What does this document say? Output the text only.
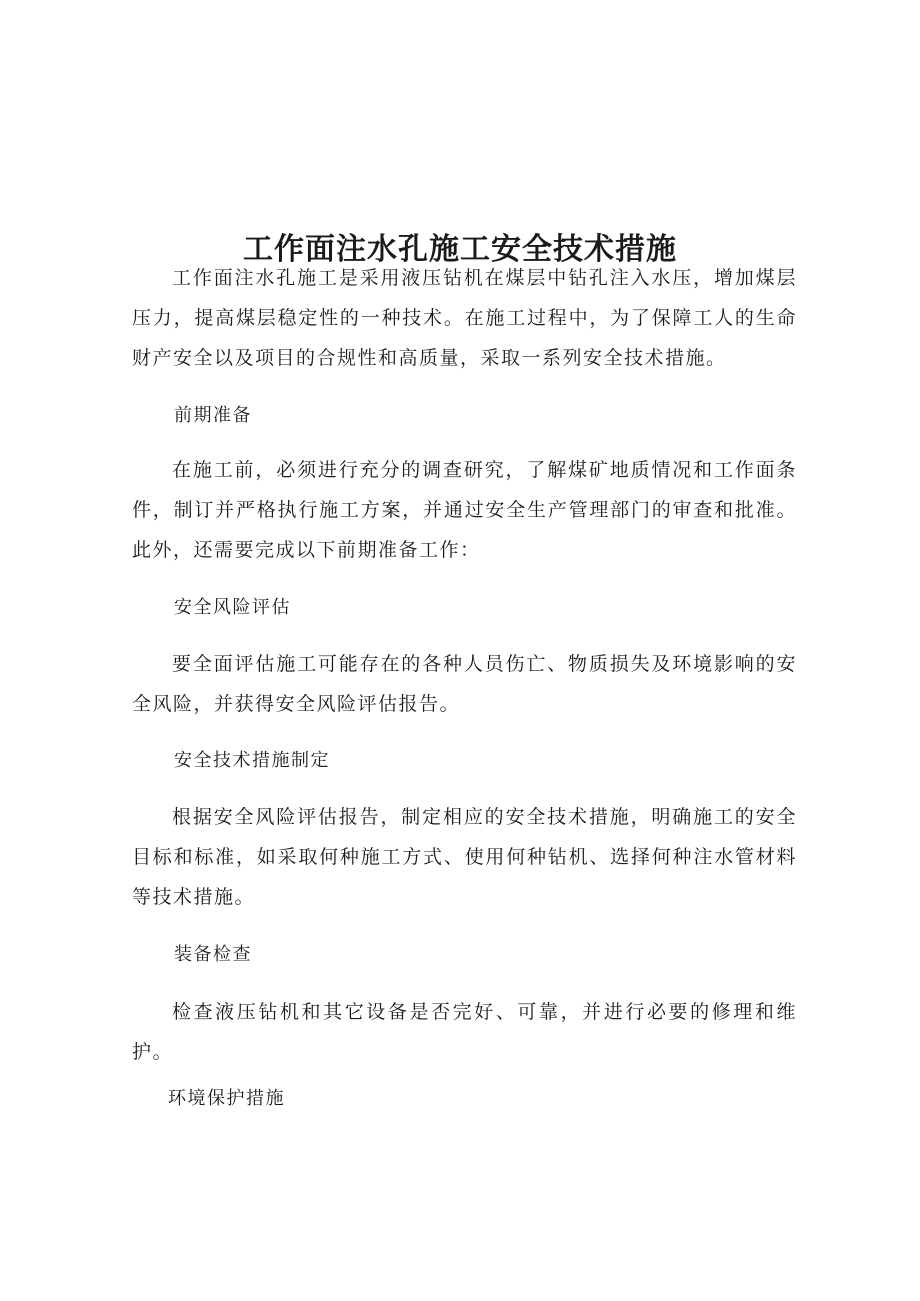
工作面注水孔施工安全技术措施

工作面注水孔施工是采用液压钻机在煤层中钻孔注入水压，增加煤层压力，提高煤层稳定性的一种技术。在施工过程中，为了保障工人的生命财产安全以及项目的合规性和高质量，采取一系列安全技术措施。

前期准备

在施工前，必须进行充分的调查研究，了解煤矿地质情况和工作面条件，制订并严格执行施工方案，并通过安全生产管理部门的审查和批准。此外，还需要完成以下前期准备工作：

安全风险评估

要全面评估施工可能存在的各种人员伤亡、物质损失及环境影响的安全风险，并获得安全风险评估报告。

安全技术措施制定

根据安全风险评估报告，制定相应的安全技术措施，明确施工的安全目标和标准，如采取何种施工方式、使用何种钻机、选择何种注水管材料等技术措施。

装备检查

检查液压钻机和其它设备是否完好、可靠，并进行必要的修理和维护。

环境保护措施
